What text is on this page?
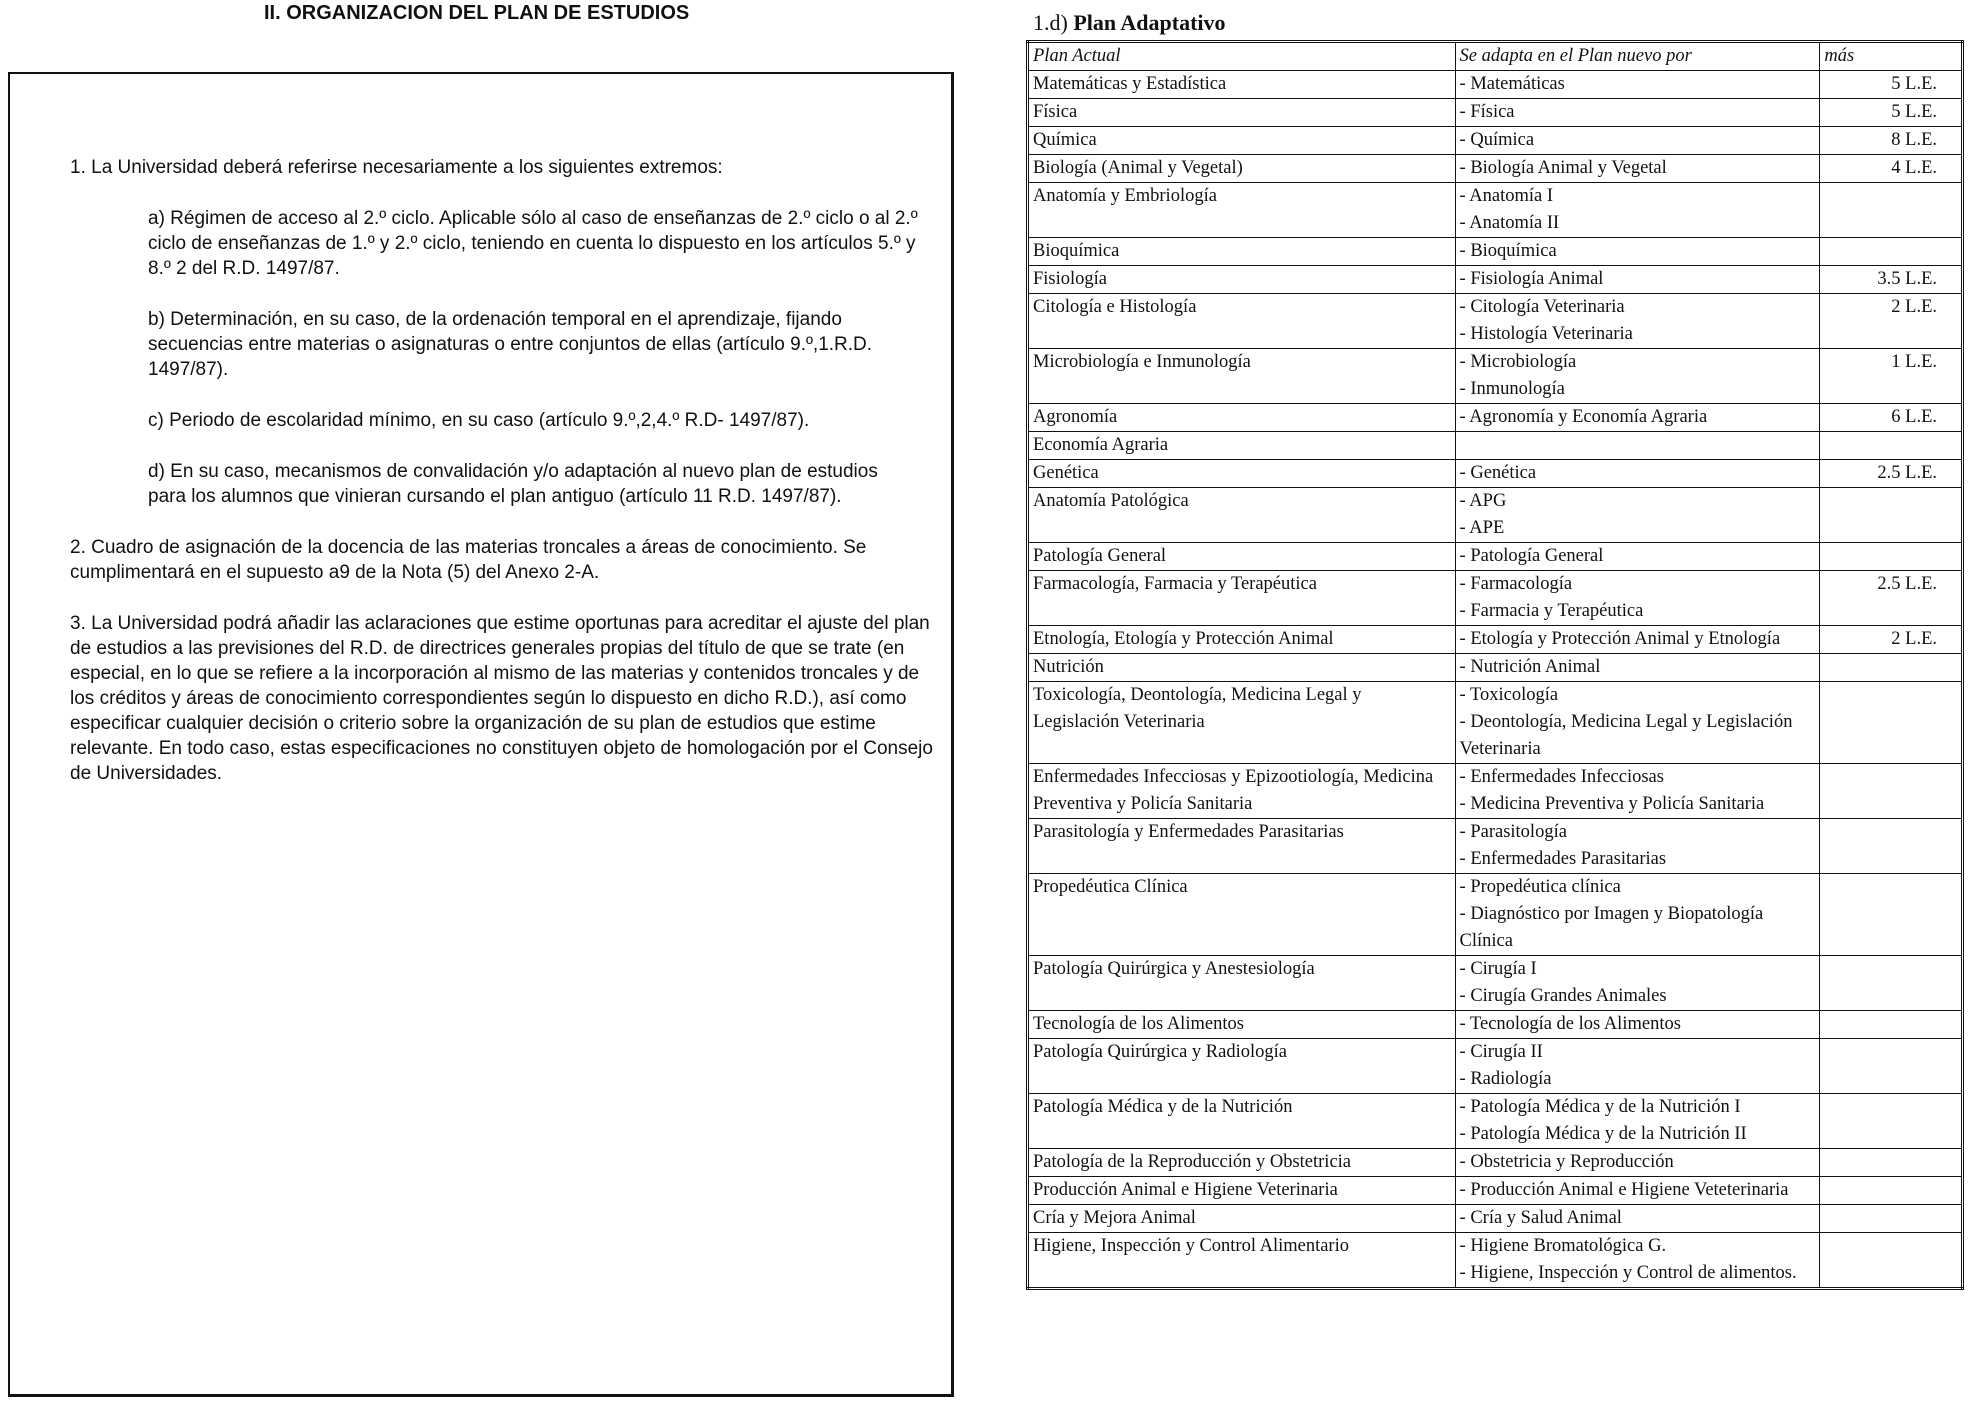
II. ORGANIZACION DEL PLAN DE ESTUDIOS

1. La Universidad deberá referirse necesariamente a los siguientes extremos:

a) Régimen de acceso al 2.º ciclo. Aplicable sólo al caso de enseñanzas de 2.º ciclo o al 2.º ciclo de enseñanzas de 1.º y 2.º ciclo, teniendo en cuenta lo dispuesto en los artículos 5.º y 8.º 2 del R.D. 1497/87.

b) Determinación, en su caso, de la ordenación temporal en el aprendizaje, fijando secuencias entre materias o asignaturas o entre conjuntos de ellas (artículo 9.º,1.R.D. 1497/87).

c) Periodo de escolaridad mínimo, en su caso (artículo 9.º,2,4.º R.D- 1497/87).

d) En su caso, mecanismos de convalidación y/o adaptación al nuevo plan de estudios para los alumnos que vinieran cursando el plan antiguo (artículo 11 R.D. 1497/87).

2. Cuadro de asignación de la docencia de las materias troncales a áreas de conocimiento. Se cumplimentará en el supuesto a9 de la Nota (5) del Anexo 2-A.

3. La Universidad podrá añadir las aclaraciones que estime oportunas para acreditar el ajuste del plan de estudios a las previsiones del R.D. de directrices generales propias del título de que se trate (en especial, en lo que se refiere a la incorporación al mismo de las materias y contenidos troncales y de los créditos y áreas de conocimiento correspondientes según lo dispuesto en dicho R.D.), así como especificar cualquier decisión o criterio sobre la organización de su plan de estudios que estime relevante. En todo caso, estas especificaciones no constituyen objeto de homologación por el Consejo de Universidades.

1.d) Plan Adaptativo
Plan Actual	Se adapta en el Plan nuevo por	más
Matemáticas y Estadística	- Matemáticas	5 L.E.
Física	- Física	5 L.E.
Química	- Química	8 L.E.
Biología (Animal y Vegetal)	- Biología Animal y Vegetal	4 L.E.
Anatomía y Embriología	- Anatomía I
- Anatomía II	
Bioquímica	- Bioquímica	
Fisiología	- Fisiología Animal	3.5 L.E.
Citología e Histología	- Citología Veterinaria
- Histología Veterinaria	2 L.E.
Microbiología e Inmunología	- Microbiología
- Inmunología	1 L.E.
Agronomía	- Agronomía y Economía Agraria	6 L.E.
Economía Agraria		
Genética	- Genética	2.5 L.E.
Anatomía Patológica	- APG
- APE	
Patología General	- Patología General	
Farmacología, Farmacia y Terapéutica	- Farmacología
- Farmacia y Terapéutica	2.5 L.E.
Etnología, Etología y Protección Animal	- Etología y Protección Animal y Etnología	2 L.E.
Nutrición	- Nutrición Animal	
Toxicología, Deontología, Medicina Legal y Legislación Veterinaria	- Toxicología
- Deontología, Medicina Legal y Legislación Veterinaria	
Enfermedades Infecciosas y Epizootiología, Medicina Preventiva y Policía Sanitaria	- Enfermedades Infecciosas
- Medicina Preventiva y Policía Sanitaria	
Parasitología y Enfermedades Parasitarias	- Parasitología
- Enfermedades Parasitarias	
Propedéutica Clínica	- Propedéutica clínica
- Diagnóstico por Imagen y Biopatología Clínica	
Patología Quirúrgica y Anestesiología	- Cirugía I
- Cirugía Grandes Animales	
Tecnología de los Alimentos	- Tecnología de los Alimentos	
Patología Quirúrgica y Radiología	- Cirugía II
- Radiología	
Patología Médica y de la Nutrición	- Patología Médica y de la Nutrición I
- Patología Médica y de la Nutrición II	
Patología de la Reproducción y Obstetricia	- Obstetricia y Reproducción	
Producción Animal e Higiene Veterinaria	- Producción Animal e Higiene Veteterinaria	
Cría y Mejora Animal	- Cría y Salud Animal	
Higiene, Inspección y Control Alimentario	- Higiene Bromatológica G.
- Higiene, Inspección y Control de alimentos.	
